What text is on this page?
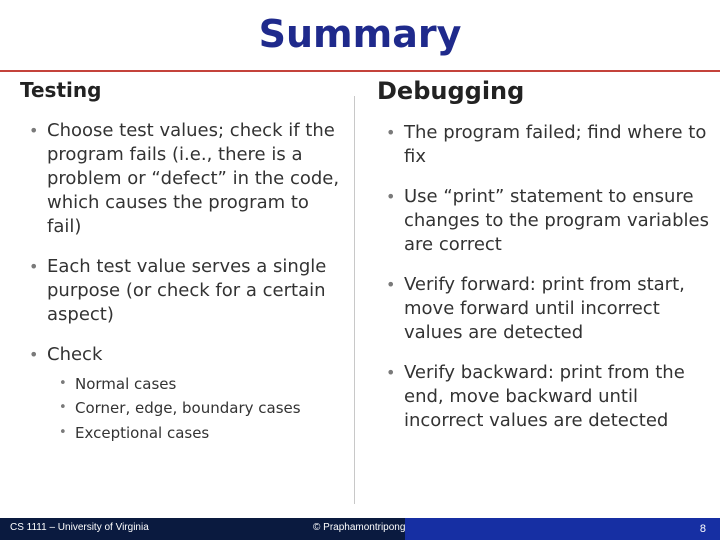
Summary
Testing	Debugging
• Choose test values; check if the program fails (i.e., there is a problem or “defect” in the code, which causes the program to fail)
• Each test value serves a single purpose (or check for a certain aspect)
• Check
• Normal cases
• Corner, edge, boundary cases
• Exceptional cases
• The program failed; find where to fix
• Use “print” statement to ensure changes to the program variables are correct
• Verify forward: print from start, move forward until incorrect values are detected
• Verify backward: print from the end, move backward until incorrect values are detected
CS 1111 – University of Virginia	© Praphamontripong	8
